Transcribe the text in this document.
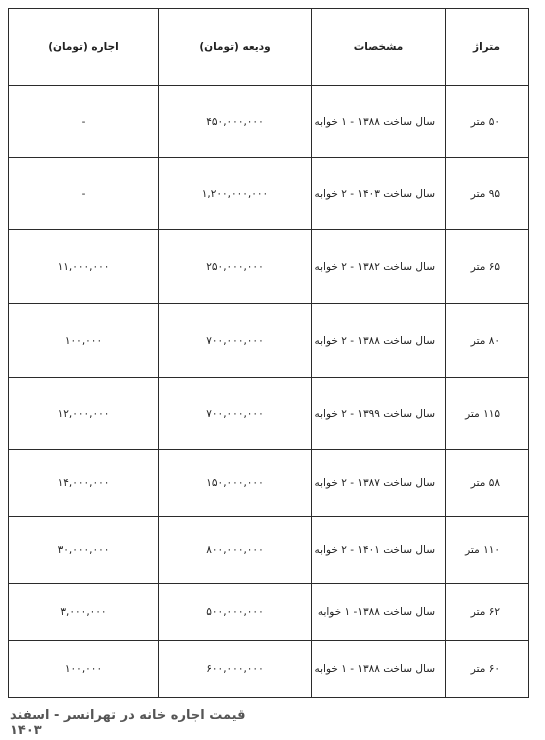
متراژ	مشخصات	ودیعه (تومان)	اجاره (تومان)
۵۰ متر	سال ساخت ۱۳۸۸ - ۱ خوابه	۴۵۰,۰۰۰,۰۰۰	-
۹۵ متر	سال ساخت ۱۴۰۳ - ۲ خوابه	۱,۲۰۰,۰۰۰,۰۰۰	-
۶۵ متر	سال ساخت ۱۳۸۲ - ۲ خوابه	۲۵۰,۰۰۰,۰۰۰	۱۱,۰۰۰,۰۰۰
۸۰ متر	سال ساخت ۱۳۸۸ - ۲ خوابه	۷۰۰,۰۰۰,۰۰۰	۱۰۰,۰۰۰
۱۱۵ متر	سال ساخت ۱۳۹۹ - ۲ خوابه	۷۰۰,۰۰۰,۰۰۰	۱۲,۰۰۰,۰۰۰
۵۸ متر	سال ساخت ۱۳۸۷ - ۲ خوابه	۱۵۰,۰۰۰,۰۰۰	۱۴,۰۰۰,۰۰۰
۱۱۰ متر	سال ساخت ۱۴۰۱ - ۲ خوابه	۸۰۰,۰۰۰,۰۰۰	۳۰,۰۰۰,۰۰۰
۶۲ متر	سال ساخت ۱۳۸۸- ۱ خوابه	۵۰۰,۰۰۰,۰۰۰	۳,۰۰۰,۰۰۰
۶۰ متر	سال ساخت ۱۳۸۸ - ۱ خوابه	۶۰۰,۰۰۰,۰۰۰	۱۰۰,۰۰۰
قیمت اجاره خانه در تهرانسر - اسفند ۱۴۰۳
